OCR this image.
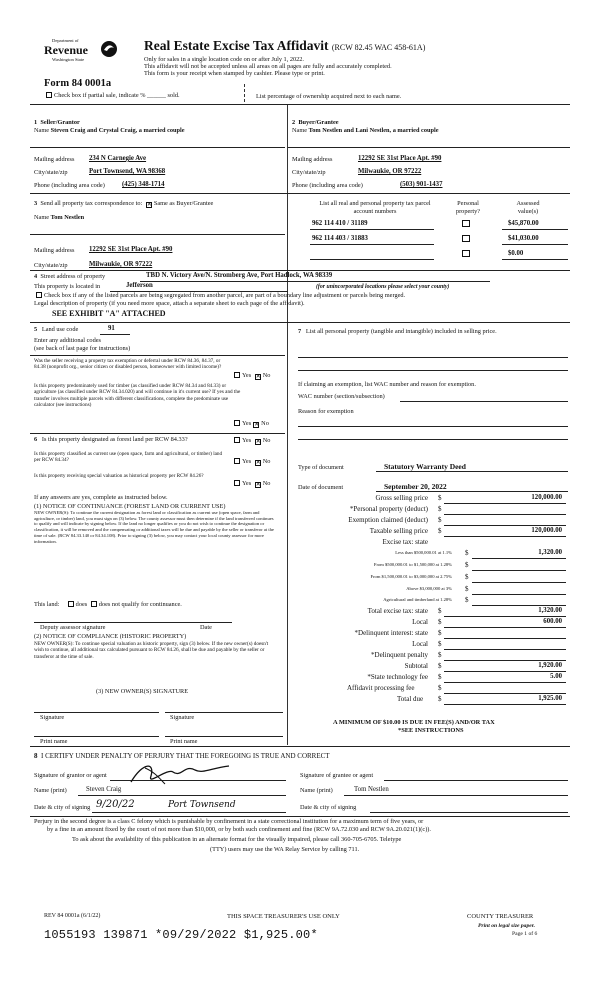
Department of
Revenue
Washington State
Form 84 0001a
Check box if partial sale, indicate % ______ sold.	List percentage of ownership acquired next to each name.
Real Estate Excise Tax Affidavit (RCW 82.45 WAC 458-61A)
Only for sales in a single location code on or after July 1, 2022.
This affidavit will not be accepted unless all areas on all pages are fully and accurately completed.
This form is your receipt when stamped by cashier. Please type or print.
1 Seller/Grantor
Name Steven Craig and Crystal Craig, a married couple
Mailing address 234 N Carnegie Ave
City/state/zip	Port Townsend, WA 98368
Phone (including area code)	(425) 348-1714
2 Buyer/Grantee
Name Tom Nestlen and Lani Nestlen, a married couple
Mailing address	12292 SE 31st Place Apt. #90
City/state/zip	Milwaukie, OR 97222
Phone (including area code)	(503) 901-1437
3 Send all property tax correspondence to: ✕ Same as Buyer/Grantee
Name Tom Nestlen
Mailing address 12292 SE 31st Place Apt. #90
City/state/zip	Milwaukie, OR 97222
List all real and personal property tax parcel account numbers
Personal property?
Assessed value(s)
962 114 410 / 31189	$45,870.00
962 114 403 / 31883	$41,030.00
$0.00
4 Street address of property	TBD N. Victory Ave/N. Stromberg Ave, Port Hadlock, WA 98339
This property is located in	Jefferson	(for unincorporated locations please select your county)
Check box if any of the listed parcels are being segregated from another parcel, are part of a boundary line adjustment or parcels being merged.
Legal description of property (if you need more space, attach a separate sheet to each page of the affidavit).
SEE EXHIBIT "A" ATTACHED
5 Land use code	91
Enter any additional codes
(see back of last page for instructions)
Was the seller receiving a property tax exemption or deferral under RCW 84.36, 84.37, or 84.38 (nonprofit org., senior citizen or disabled person, homeowner with limited income)?
Yes ✕ No
Is this property predominately used for timber (as classified under RCW 84.34 and 84.33) or agriculture (as classified under RCW 84.34.020) and will continue in it's current use? If yes and the transfer involves multiple parcels with different classifications, complete the predominate use calculator (see instructions)
Yes ✕ No
6 Is this property designated as forest land per RCW 84.33?	Yes ✕ No
Is this property classified as current use (open space, farm and agricultural, or timber) land per RCW 84.34?	Yes ✕ No
Is this property receiving special valuation as historical property per RCW 84.26?
Yes ✕ No
If any answers are yes, complete as instructed below.
(1) NOTICE OF CONTINUANCE (FOREST LAND OR CURRENT USE)
NEW OWNER(S): To continue the current designation as forest land or classification as current use (open space, farm and agriculture, or timber) land, you must sign on (3) below. The county assessor must then determine if the land transferred continues to qualify and will indicate by signing below. If the land no longer qualifies or you do not wish to continue the designation or classification, it will be removed and the compensating or additional taxes will be due and payable by the seller or transferor at the time of sale. (RCW 84.33.140 or 84.34.108). Prior to signing (3) below, you may contact your local county assessor for more information.
This land:	does does not qualify for continuance.
Deputy assessor signature	Date
(2) NOTICE OF COMPLIANCE (HISTORIC PROPERTY)
NEW OWNER(S): To continue special valuation as historic property, sign (3) below. If the new owner(s) doesn't wish to continue, all additional tax calculated pursuant to RCW 84.26, shall be due and payable by the seller or transferor at the time of sale.
(3) NEW OWNER(S) SIGNATURE
Signature	Signature
Print name	Print name
7 List all personal property (tangible and intangible) included in selling price.
If claiming an exemption, list WAC number and reason for exemption.
WAC number (section/subsection)
Reason for exemption
Type of document	Statutory Warranty Deed
Date of document	September 20, 2022
Gross selling price $	120,000.00
*Personal property (deduct) $
Exemption claimed (deduct) $
Taxable selling price $	120,000.00
Excise tax: state
Less than $500,000.01 at 1.1% $	1,320.00
From $500,000.01 to $1,500,000 at 1.28% $
From $1,500,000.01 to $3,000,000 at 2.75% $
Above $3,000,000 at 3% $
Agricultural and timberland at 1.28% $
Total excise tax: state $	1,320.00
Local $	600.00
*Delinquent interest: state $
Local $
*Delinquent penalty $
Subtotal $	1,920.00
*State technology fee $	5.00
Affidavit processing fee	$
Total due $	1,925.00
A MINIMUM OF $10.00 IS DUE IN FEE(S) AND/OR TAX
*SEE INSTRUCTIONS
8 I CERTIFY UNDER PENALTY OF PERJURY THAT THE FOREGOING IS TRUE AND CORRECT
Signature of grantor or agent	Signature of grantee or agent
Name (print)	Steven Craig	Name (print)	Tom Nestlen
Date & city of signing 9/20/22	Port Townsend	Date & city of signing
Perjury in the second degree is a class C felony which is punishable by confinement in a state correctional institution for a maximum term of five years, or
by a fine in an amount fixed by the court of not more than $10,000, or by both such confinement and fine (RCW 9A.72.030 and RCW 9A.20.021(1)(c)).
To ask about the availability of this publication in an alternate format for the visually impaired, please call 360-705-6705. Teletype
(TTY) users may use the WA Relay Service by calling 711.
REV 84 0001a (6/1/22)	THIS SPACE TREASURER'S USE ONLY	COUNTY TREASURER
Print on legal size paper.
Page 1 of 6
1055193 139871 *09/29/2022 $1,925.00*
